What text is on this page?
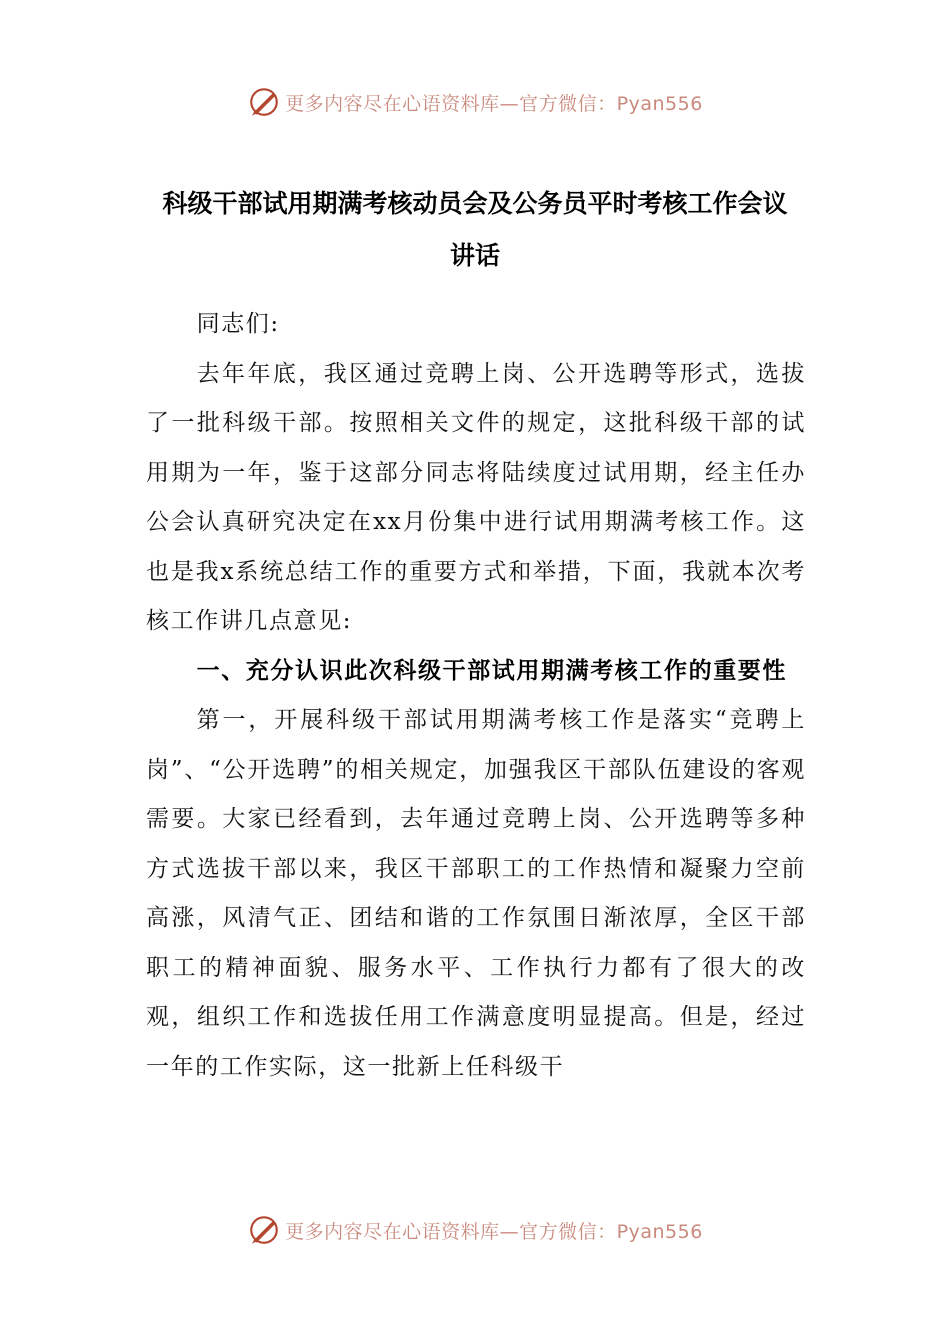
更多内容尽在心语资料库—官方微信：Pyan556
科级干部试用期满考核动员会及公务员平时考核工作会议
讲话

同志们:

去年年底，我区通过竞聘上岗、公开选聘等形式，选拔了一批科级干部。按照相关文件的规定，这批科级干部的试用期为一年，鉴于这部分同志将陆续度过试用期，经主任办公会认真研究决定在xx月份集中进行试用期满考核工作。这也是我x系统总结工作的重要方式和举措，下面，我就本次考核工作讲几点意见:

一、充分认识此次科级干部试用期满考核工作的重要性

第一，开展科级干部试用期满考核工作是落实“竞聘上岗”、“公开选聘”的相关规定，加强我区干部队伍建设的客观需要。大家已经看到，去年通过竞聘上岗、公开选聘等多种方式选拔干部以来，我区干部职工的工作热情和凝聚力空前高涨，风清气正、团结和谐的工作氛围日渐浓厚，全区干部职工的精神面貌、服务水平、工作执行力都有了很大的改观，组织工作和选拔任用工作满意度明显提高。但是，经过一年的工作实际，这一批新上任科级干

更多内容尽在心语资料库—官方微信：Pyan556
